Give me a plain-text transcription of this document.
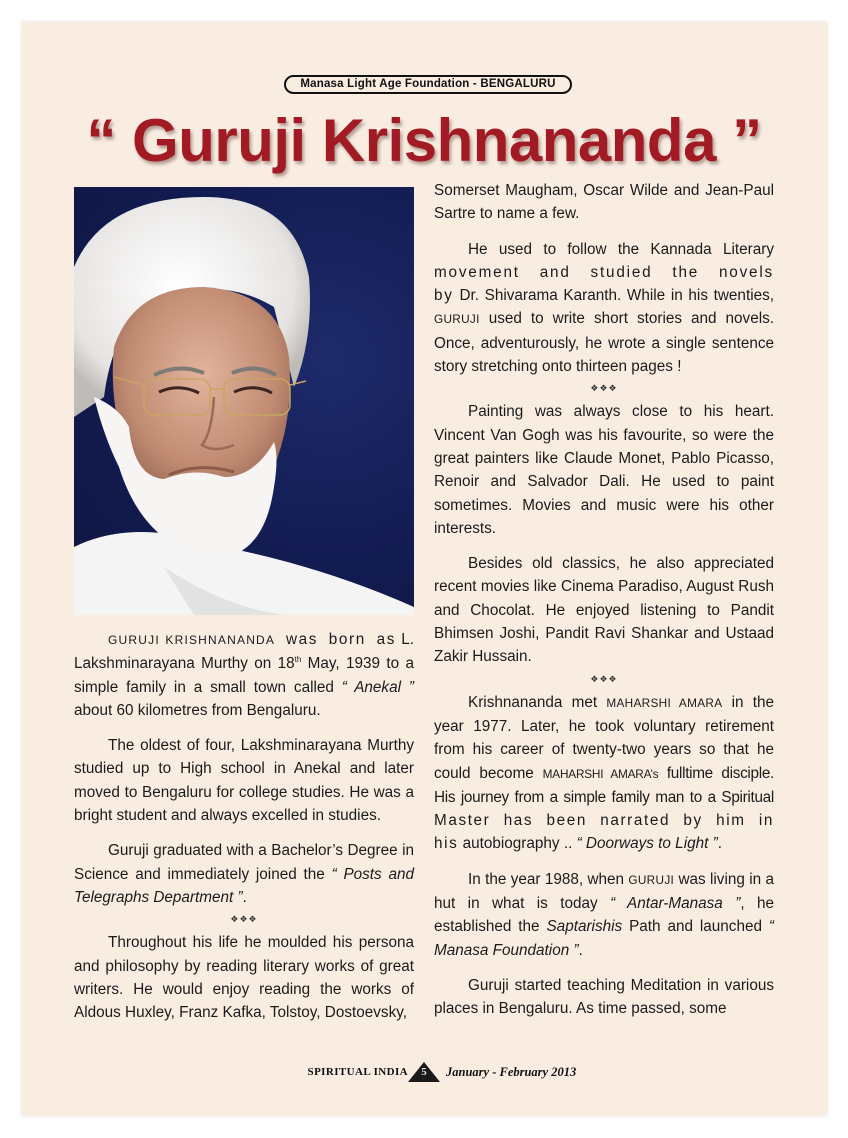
Manasa Light Age Foundation - BENGALURU
“ Guruji Krishnananda ”

GURUJI KRISHNANANDA was born as L. Lakshminarayana Murthy on 18th May, 1939 to a simple family in a small town called “ Anekal ” about 60 kilometres from Bengaluru.

The oldest of four, Lakshminarayana Murthy studied up to High school in Anekal and later moved to Bengaluru for college studies. He was a bright student and always excelled in studies.

Guruji graduated with a Bachelor’s Degree in Science and immediately joined the “ Posts and Telegraphs Department ”.

❖❖❖

Throughout his life he moulded his persona and philosophy by reading literary works of great writers. He would enjoy reading the works of Aldous Huxley, Franz Kafka, Tolstoy, Dostoevsky,

Somerset Maugham, Oscar Wilde and Jean-Paul Sartre to name a few.

He used to follow the Kannada Literary movement and studied the novels by Dr. Shivarama Karanth. While in his twenties, GURUJI used to write short stories and novels. Once, adventurously, he wrote a single sentence story stretching onto thirteen pages !

❖❖❖

Painting was always close to his heart. Vincent Van Gogh was his favourite, so were the great painters like Claude Monet, Pablo Picasso, Renoir and Salvador Dali. He used to paint sometimes. Movies and music were his other interests.

Besides old classics, he also appreciated recent movies like Cinema Paradiso, August Rush and Chocolat. He enjoyed listening to Pandit Bhimsen Joshi, Pandit Ravi Shankar and Ustaad Zakir Hussain.

❖❖❖

Krishnananda met MAHARSHI AMARA in the year 1977. Later, he took voluntary retirement from his career of twenty-two years so that he could become MAHARSHI AMARA’s fulltime disciple. His journey from a simple family man to a Spiritual Master has been narrated by him in his autobiography .. “ Doorways to Light ”.

In the year 1988, when GURUJI was living in a hut in what is today “ Antar-Manasa ”, he established the Saptarishis Path and launched “ Manasa Foundation ”.

Guruji started teaching Meditation in various places in Bengaluru. As time passed, some

SPIRITUAL INDIA	5	January - February 2013
